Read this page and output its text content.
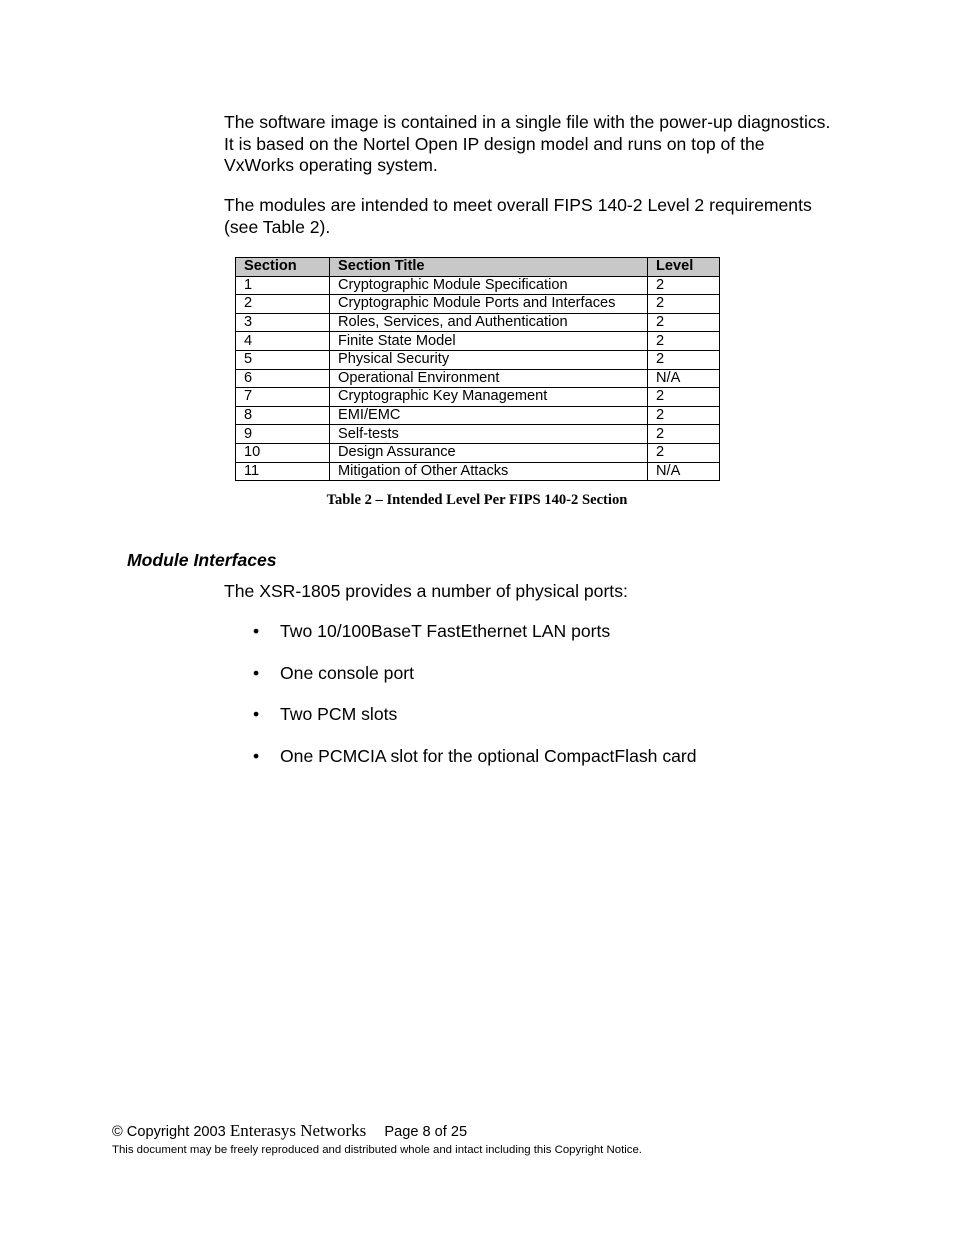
The software image is contained in a single file with the power-up diagnostics. It is based on the Nortel Open IP design model and runs on top of the VxWorks operating system.

The modules are intended to meet overall FIPS 140-2 Level 2 requirements (see Table 2).

Section	Section Title	Level
1	Cryptographic Module Specification	2
2	Cryptographic Module Ports and Interfaces	2
3	Roles, Services, and Authentication	2
4	Finite State Model	2
5	Physical Security	2
6	Operational Environment	N/A
7	Cryptographic Key Management	2
8	EMI/EMC	2
9	Self-tests	2
10	Design Assurance	2
11	Mitigation of Other Attacks	N/A
Table 2 – Intended Level Per FIPS 140-2 Section
Module Interfaces

The XSR-1805 provides a number of physical ports:

• Two 10/100BaseT FastEthernet LAN ports
• One console port
• Two PCM slots
• One PCMCIA slot for the optional CompactFlash card
© Copyright 2003 Enterasys Networks Page 8 of 25
This document may be freely reproduced and distributed whole and intact including this Copyright Notice.
